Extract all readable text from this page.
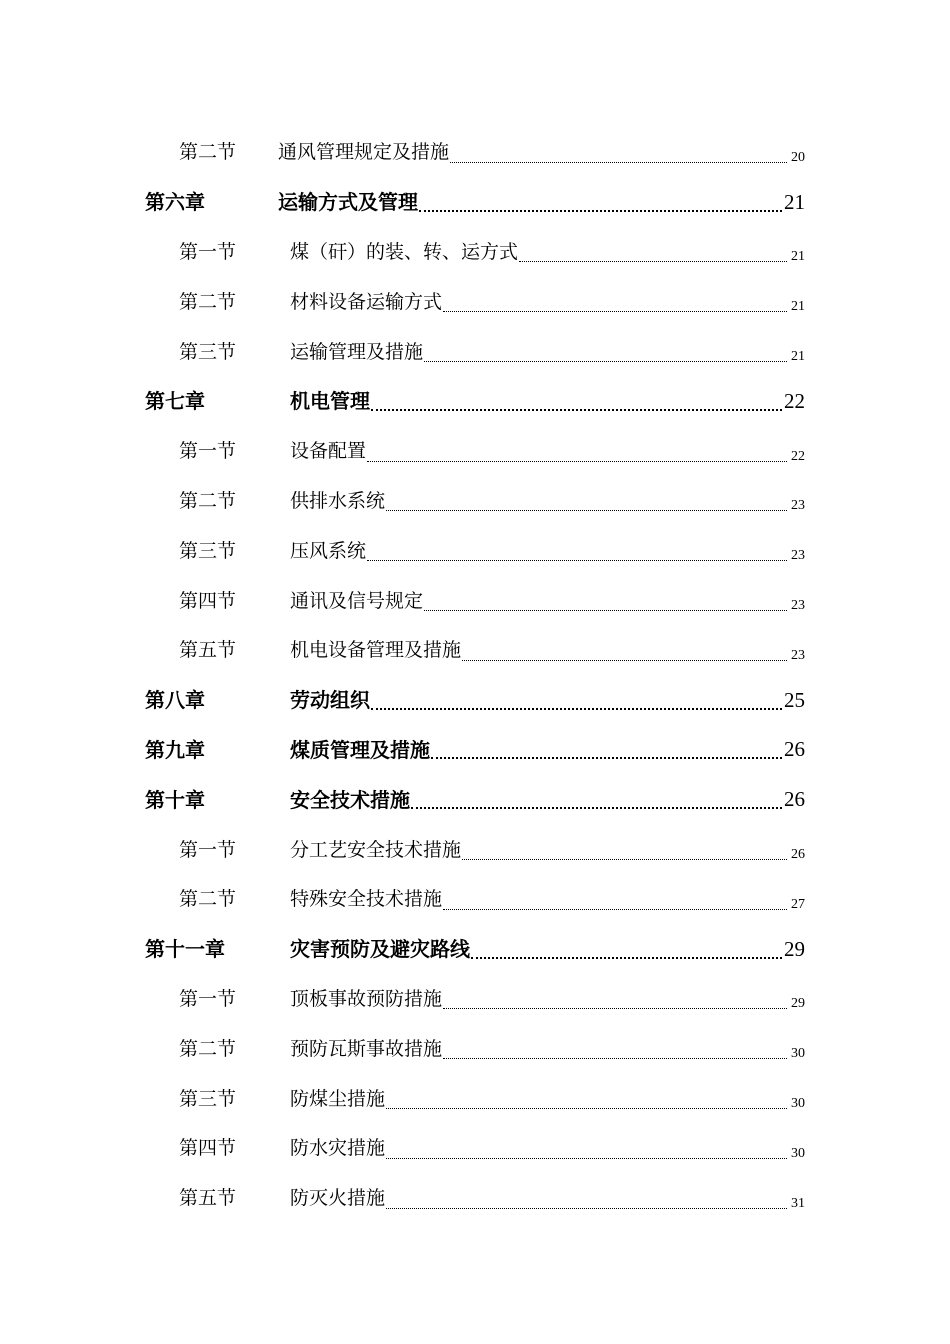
第二节 通风管理规定及措施	20
第六章	运输方式及管理	21
第一节	煤（矸）的装、转、运方式	21
第二节	材料设备运输方式	21
第三节	运输管理及措施	21
第七章	机电管理	22
第一节	设备配置	22
第二节	供排水系统	23
第三节	压风系统	23
第四节	通讯及信号规定	23
第五节	机电设备管理及措施	23
第八章	劳动组织	25
第九章	煤质管理及措施	26
第十章	安全技术措施	26
第一节	分工艺安全技术措施	26
第二节	特殊安全技术措施	27
第十一章	灾害预防及避灾路线	29
第一节	顶板事故预防措施	29
第二节	预防瓦斯事故措施	30
第三节	防煤尘措施	30
第四节	防水灾措施	30
第五节	防灭火措施	31
